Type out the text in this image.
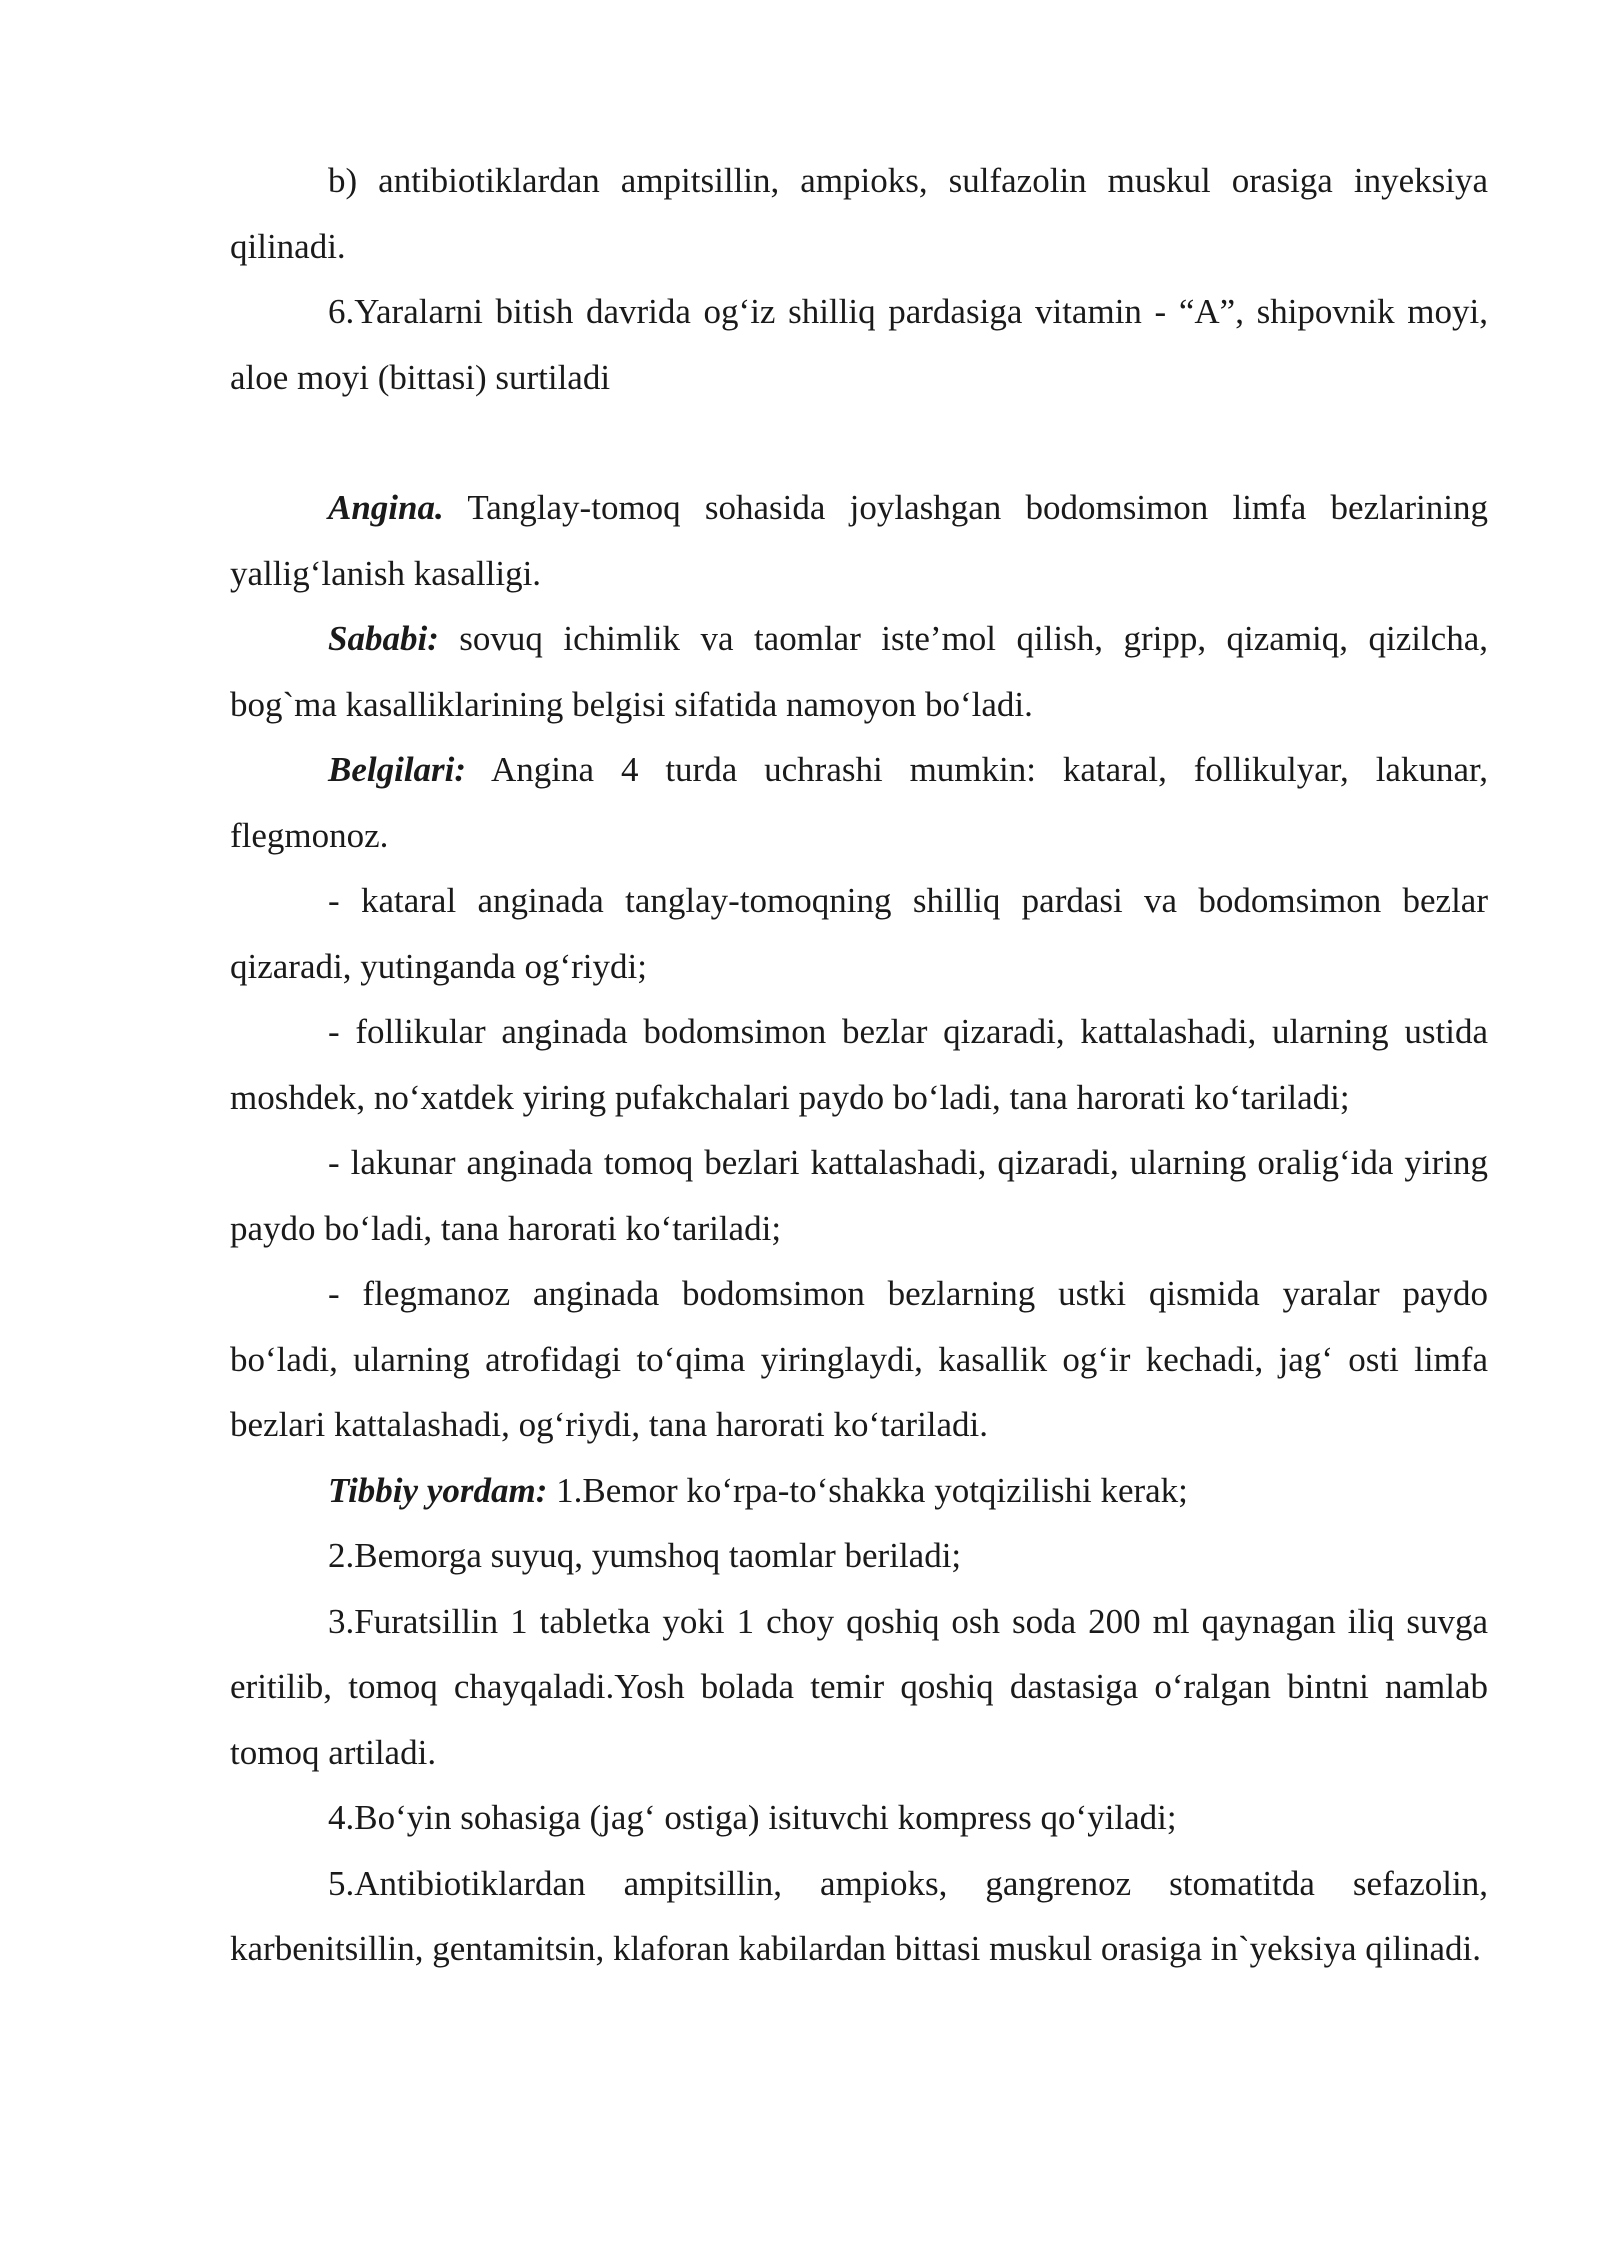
b) antibiotiklardan ampitsillin, ampioks, sulfazolin muskul orasiga inyeksiya qilinadi.

6.Yaralarni bitish davrida og‘iz shilliq pardasiga vitamin - “A”, shipovnik moyi, aloe moyi (bittasi) surtiladi

Angina. Tanglay-tomoq sohasida joylashgan bodomsimon limfa bezlarining yallig‘lanish kasalligi.

Sababi: sovuq ichimlik va taomlar iste’mol qilish, gripp, qizamiq, qizilcha, bog`ma kasalliklarining belgisi sifatida namoyon bo‘ladi.

Belgilari: Angina 4 turda uchrashi mumkin: kataral, follikulyar, lakunar, flegmonoz.

- kataral anginada tanglay-tomoqning shilliq pardasi va bodomsimon bezlar qizaradi, yutinganda og‘riydi;

- follikular anginada bodomsimon bezlar qizaradi, kattalashadi, ularning ustida moshdek, no‘xatdek yiring pufakchalari paydo bo‘ladi, tana harorati ko‘tariladi;

- lakunar anginada tomoq bezlari kattalashadi, qizaradi, ularning oralig‘ida yiring paydo bo‘ladi, tana harorati ko‘tariladi;

- flegmanoz anginada bodomsimon bezlarning ustki qismida yaralar paydo bo‘ladi, ularning atrofidagi to‘qima yiringlaydi, kasallik og‘ir kechadi, jag‘ osti limfa bezlari kattalashadi, og‘riydi, tana harorati ko‘tariladi.

Tibbiy yordam: 1.Bemor ko‘rpa-to‘shakka yotqizilishi kerak;

2.Bemorga suyuq, yumshoq taomlar beriladi;

3.Furatsillin 1 tabletka yoki 1 choy qoshiq osh soda 200 ml qaynagan iliq suvga eritilib, tomoq chayqaladi.Yosh bolada temir qoshiq dastasiga o‘ralgan bintni namlab tomoq artiladi.

4.Bo‘yin sohasiga (jag‘ ostiga) isituvchi kompress qo‘yiladi;

5.Antibiotiklardan ampitsillin, ampioks, gangrenoz stomatitda sefazolin, karbenitsillin, gentamitsin, klaforan kabilardan bittasi muskul orasiga in`yeksiya qilinadi.
